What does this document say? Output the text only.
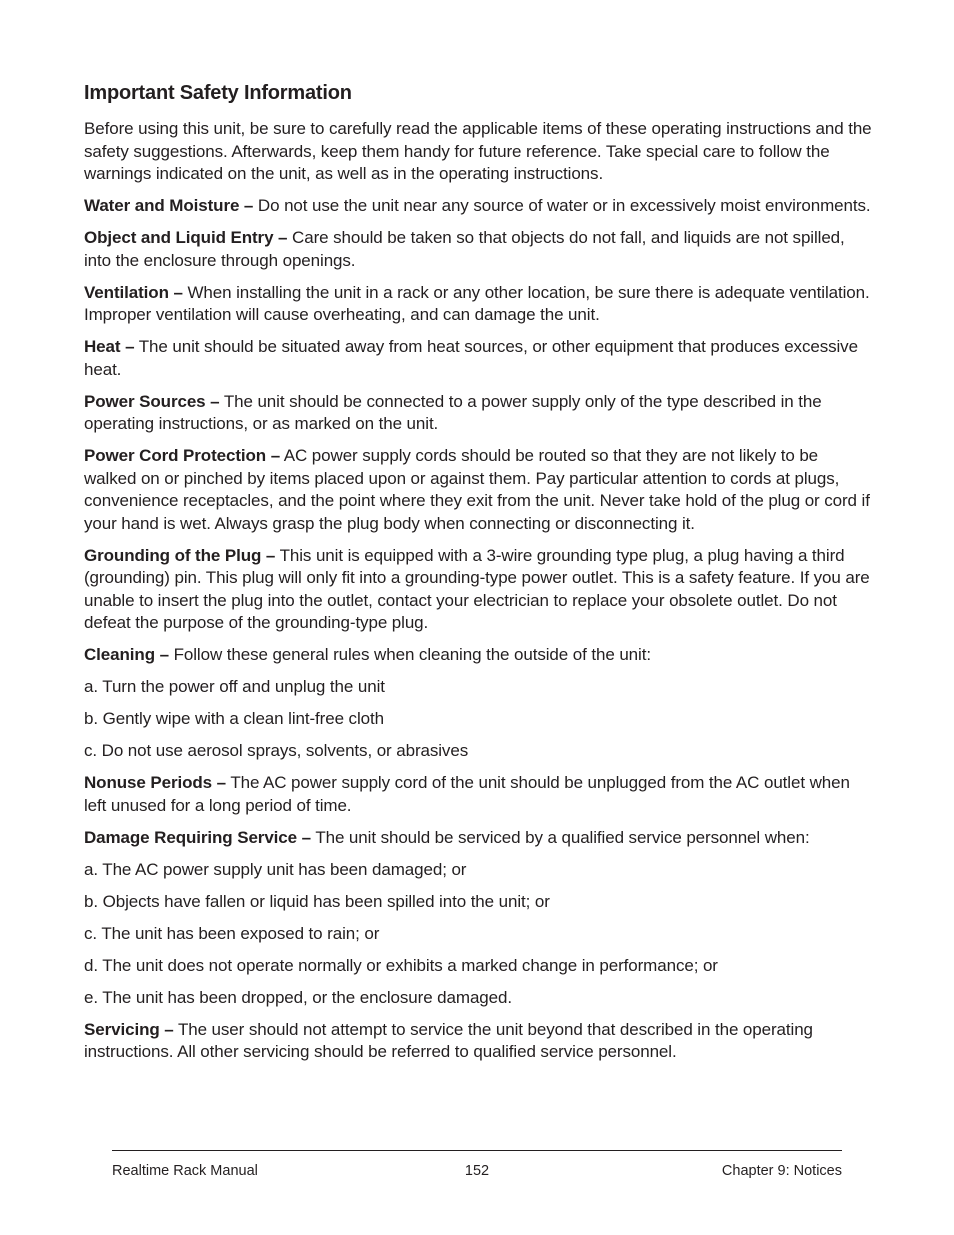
Important Safety Information

Before using this unit, be sure to carefully read the applicable items of these operating instructions and the safety suggestions. Afterwards, keep them handy for future reference. Take special care to follow the warnings indicated on the unit, as well as in the operating instructions.

Water and Moisture – Do not use the unit near any source of water or in excessively moist environments.

Object and Liquid Entry – Care should be taken so that objects do not fall, and liquids are not spilled, into the enclosure through openings.

Ventilation – When installing the unit in a rack or any other location, be sure there is adequate ventilation. Improper ventilation will cause overheating, and can damage the unit.

Heat – The unit should be situated away from heat sources, or other equipment that produces excessive heat.

Power Sources – The unit should be connected to a power supply only of the type described in the operating instructions, or as marked on the unit.

Power Cord Protection – AC power supply cords should be routed so that they are not likely to be walked on or pinched by items placed upon or against them. Pay particular attention to cords at plugs, convenience receptacles, and the point where they exit from the unit. Never take hold of the plug or cord if your hand is wet. Always grasp the plug body when connecting or disconnecting it.

Grounding of the Plug – This unit is equipped with a 3-wire grounding type plug, a plug having a third (grounding) pin. This plug will only fit into a grounding-type power outlet. This is a safety feature. If you are unable to insert the plug into the outlet, contact your electrician to replace your obsolete outlet. Do not defeat the purpose of the grounding-type plug.

Cleaning – Follow these general rules when cleaning the outside of the unit:

a. Turn the power off and unplug the unit

b. Gently wipe with a clean lint-free cloth

c. Do not use aerosol sprays, solvents, or abrasives

Nonuse Periods – The AC power supply cord of the unit should be unplugged from the AC outlet when left unused for a long period of time.

Damage Requiring Service – The unit should be serviced by a qualified service personnel when:

a. The AC power supply unit has been damaged; or

b. Objects have fallen or liquid has been spilled into the unit; or

c. The unit has been exposed to rain; or

d. The unit does not operate normally or exhibits a marked change in performance; or

e. The unit has been dropped, or the enclosure damaged.

Servicing – The user should not attempt to service the unit beyond that described in the operating instructions. All other servicing should be referred to qualified service personnel.

Realtime Rack Manual	152	Chapter 9: Notices
